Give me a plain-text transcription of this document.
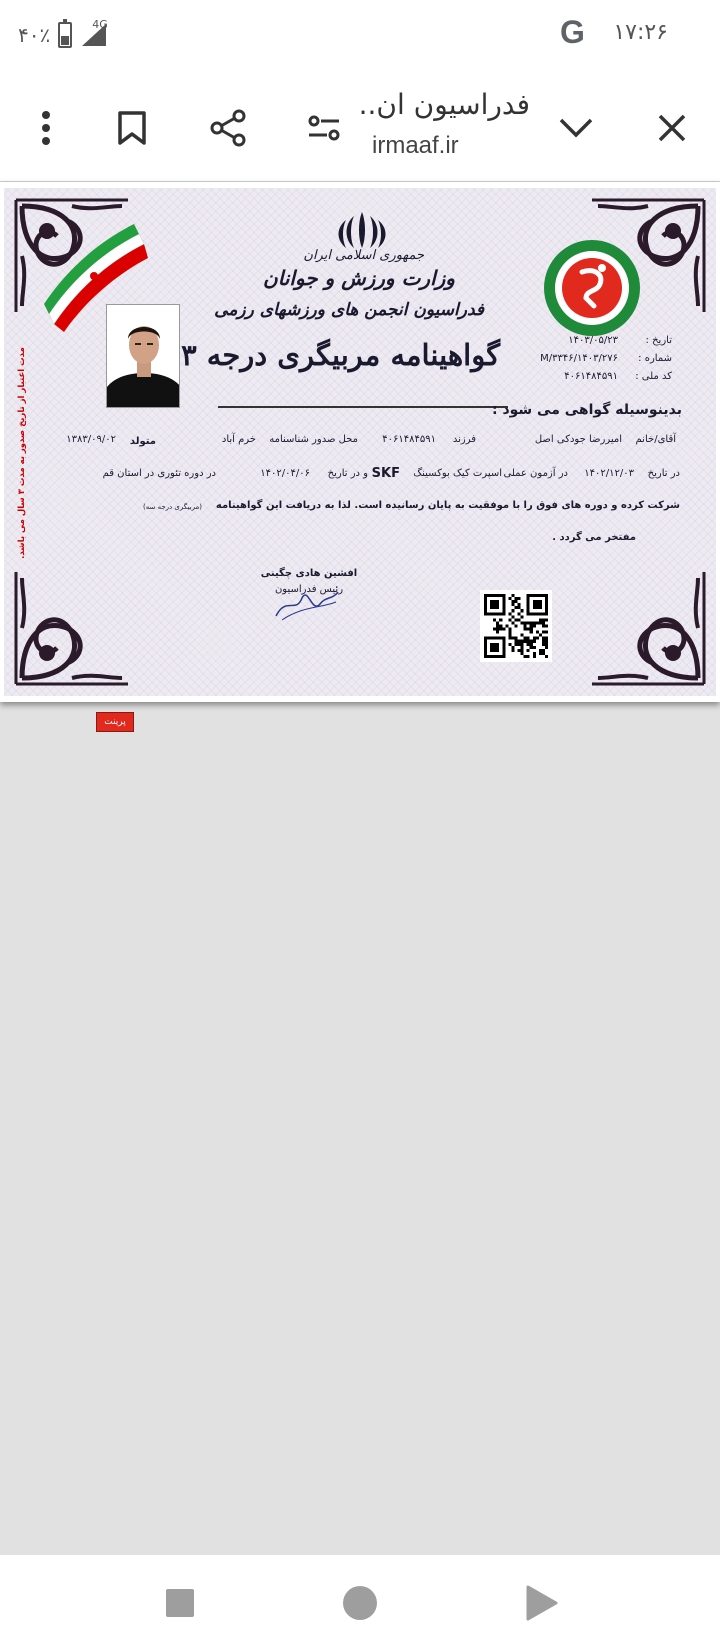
۴۰٪	4G	G ۱۷:۲۶
فدراسیون ان..
irmaaf.ir
جمهوری اسلامی ایران
وزارت ورزش و جوانان
فدراسیون انجمن های ورزشهای رزمی
گواهینامه مربیگری درجه ۳	تاریخ :
۱۴۰۳/۰۵/۲۳
شماره :
۱۴۰۳/۲۷۶/M/۳۳۴۶
کد ملی :
۴۰۶۱۴۸۴۵۹۱
بدینوسیله گواهی می شود :
آقای/خانم
امیررضا جودکی اصل
فرزند
۴۰۶۱۴۸۴۵۹۱
محل صدور شناسنامه
خرم آباد
متولد
۱۳۸۳/۰۹/۰۲
در تاریخ
۱۴۰۲/۱۲/۰۳
در آزمون عملی
اسپرت کیک بوکسینگ
SKF
و در تاریخ
۱۴۰۲/۰۴/۰۶
در دوره تئوری در استان قم
شرکت کرده و دوره های فوق را با موفقیت به پایان رسانیده است. لذا به دریافت این گواهینامه
(مربیگری درجه سه)
مفتخر می گردد .
افشین هادی چگینی
رئیس فدراسیون
مدت اعتبار از تاریخ صدور به مدت ۳ سال می باشد.
پرینت
